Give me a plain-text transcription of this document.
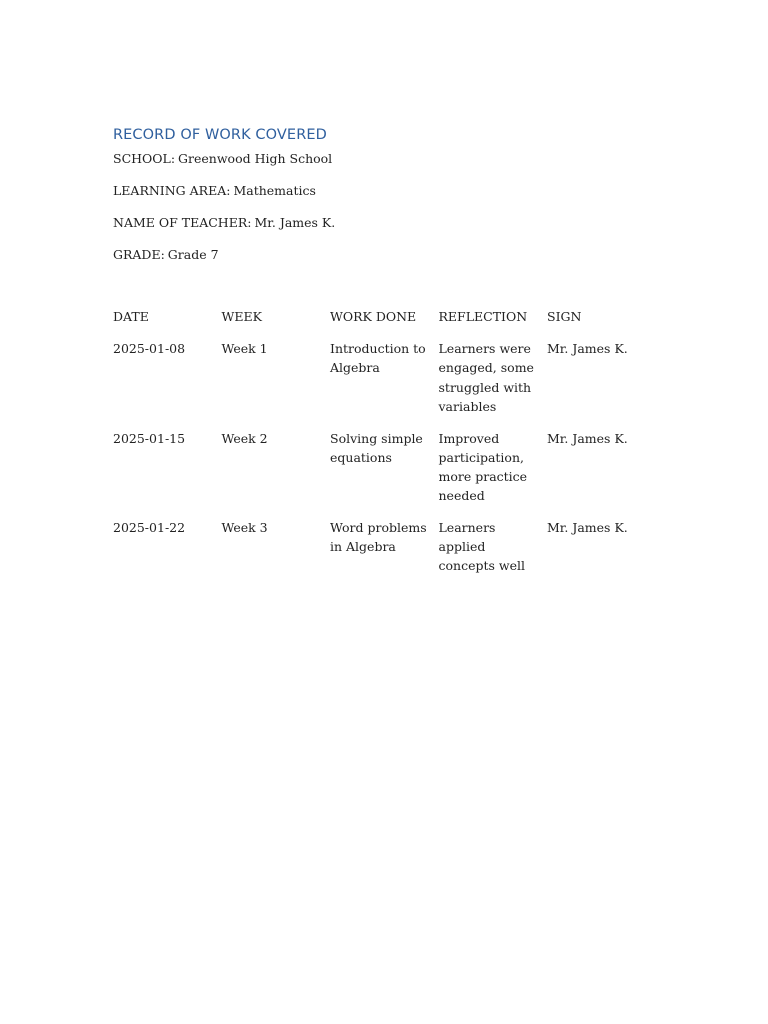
RECORD OF WORK COVERED

SCHOOL: Greenwood High School

LEARNING AREA: Mathematics

NAME OF TEACHER: Mr. James K.

GRADE: Grade 7

DATE	WEEK	WORK DONE	REFLECTION	SIGN
2025-01-08	Week 1	Introduction to Algebra	Learners were engaged, some struggled with variables	Mr. James K.
2025-01-15	Week 2	Solving simple equations	Improved participation, more practice needed	Mr. James K.
2025-01-22	Week 3	Word problems in Algebra	Learners applied concepts well	Mr. James K.
